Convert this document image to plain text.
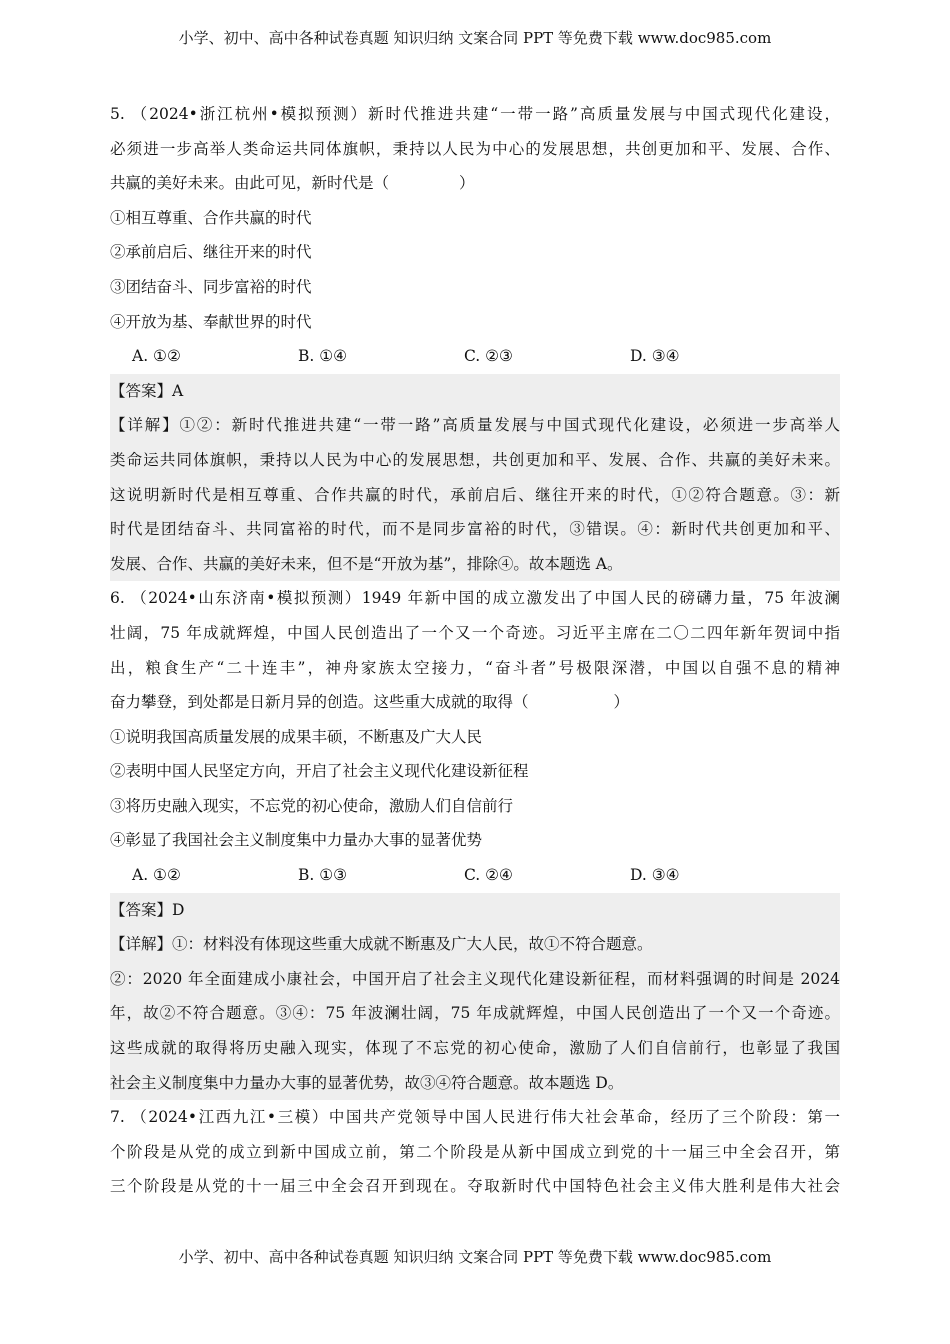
小学、初中、高中各种试卷真题 知识归纳 文案合同 PPT 等免费下载 www.doc985.com
5. （2024•浙江杭州•模拟预测）新时代推进共建“一带一路”高质量发展与中国式现代化建设，
必须进一步高举人类命运共同体旗帜，秉持以人民为中心的发展思想，共创更加和平、发展、合作、
共赢的美好未来。由此可见，新时代是（	）
①相互尊重、合作共赢的时代
②承前启后、继往开来的时代
③团结奋斗、同步富裕的时代
④开放为基、奉献世界的时代
A. ①②	B. ①④	C. ②③	D. ③④
【答案】A
【详解】①②：新时代推进共建“一带一路”高质量发展与中国式现代化建设，必须进一步高举人
类命运共同体旗帜，秉持以人民为中心的发展思想，共创更加和平、发展、合作、共赢的美好未来。
这说明新时代是相互尊重、合作共赢的时代，承前启后、继往开来的时代，①②符合题意。③：新
时代是团结奋斗、共同富裕的时代，而不是同步富裕的时代，③错误。④：新时代共创更加和平、
发展、合作、共赢的美好未来，但不是“开放为基”，排除④。故本题选 A。
6. （2024•山东济南•模拟预测）1949 年新中国的成立激发出了中国人民的磅礴力量，75 年波澜
壮阔，75 年成就辉煌，中国人民创造出了一个又一个奇迹。习近平主席在二〇二四年新年贺词中指
出，粮食生产“二十连丰”，神舟家族太空接力，“奋斗者”号极限深潜，中国以自强不息的精神
奋力攀登，到处都是日新月异的创造。这些重大成就的取得（	）
①说明我国高质量发展的成果丰硕，不断惠及广大人民
②表明中国人民坚定方向，开启了社会主义现代化建设新征程
③将历史融入现实，不忘党的初心使命，激励人们自信前行
④彰显了我国社会主义制度集中力量办大事的显著优势
A. ①②	B. ①③	C. ②④	D. ③④
【答案】D
【详解】①：材料没有体现这些重大成就不断惠及广大人民，故①不符合题意。
②：2020 年全面建成小康社会，中国开启了社会主义现代化建设新征程，而材料强调的时间是 2024
年，故②不符合题意。③④：75 年波澜壮阔，75 年成就辉煌，中国人民创造出了一个又一个奇迹。
这些成就的取得将历史融入现实，体现了不忘党的初心使命，激励了人们自信前行，也彰显了我国
社会主义制度集中力量办大事的显著优势，故③④符合题意。故本题选 D。
7. （2024•江西九江•三模）中国共产党领导中国人民进行伟大社会革命，经历了三个阶段：第一
个阶段是从党的成立到新中国成立前，第二个阶段是从新中国成立到党的十一届三中全会召开，第
三个阶段是从党的十一届三中全会召开到现在。夺取新时代中国特色社会主义伟大胜利是伟大社会
小学、初中、高中各种试卷真题 知识归纳 文案合同 PPT 等免费下载 www.doc985.com
